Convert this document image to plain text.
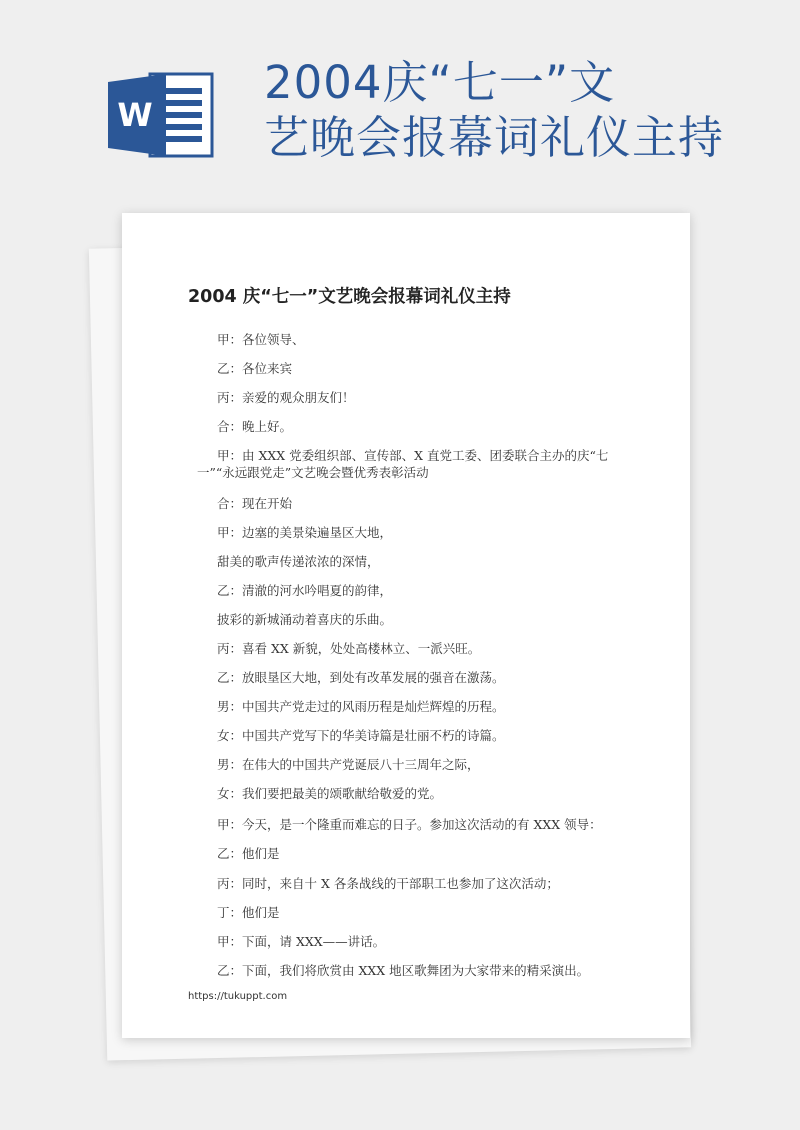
W
2004庆“七一”文
艺晚会报幕词礼仪主持
2004 庆“七一”文艺晚会报幕词礼仪主持
甲：各位领导、
乙：各位来宾
丙：亲爱的观众朋友们！
合：晚上好。
甲：由 XXX 党委组织部、宣传部、X 直党工委、团委联合主办的庆“七
一”“永远跟党走”文艺晚会暨优秀表彰活动
合：现在开始
甲：边塞的美景染遍垦区大地，
甜美的歌声传递浓浓的深情，
乙：清澈的河水吟唱夏的韵律，
披彩的新城涌动着喜庆的乐曲。
丙：喜看 XX 新貌，处处高楼林立、一派兴旺。
乙：放眼垦区大地，到处有改革发展的强音在激荡。
男：中国共产党走过的风雨历程是灿烂辉煌的历程。
女：中国共产党写下的华美诗篇是壮丽不朽的诗篇。
男：在伟大的中国共产党诞辰八十三周年之际，
女：我们要把最美的颂歌献给敬爱的党。
甲：今天，是一个隆重而难忘的日子。参加这次活动的有 XXX 领导：
乙：他们是
丙：同时，来自十 X 各条战线的干部职工也参加了这次活动；
丁：他们是
甲：下面，请 XXX——讲话。
乙：下面，我们将欣赏由 XXX 地区歌舞团为大家带来的精采演出。
https://tukuppt.com
